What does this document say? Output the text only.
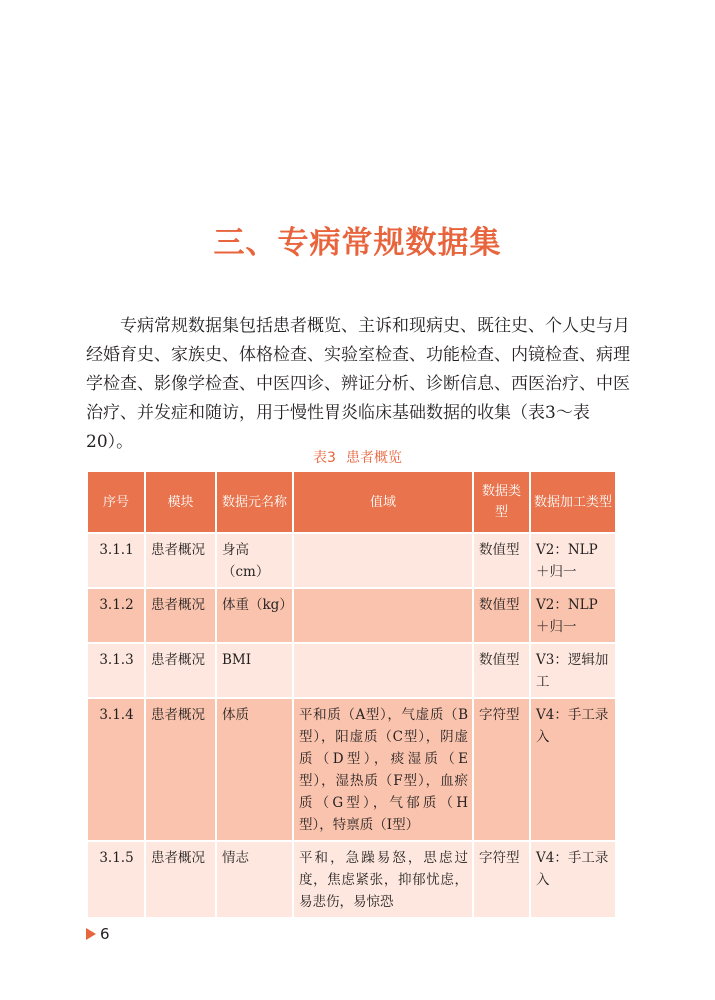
三、专病常规数据集

专病常规数据集包括患者概览、主诉和现病史、既往史、个人史与月经婚育史、家族史、体格检查、实验室检查、功能检查、内镜检查、病理学检查、影像学检查、中医四诊、辨证分析、诊断信息、西医治疗、中医治疗、并发症和随访，用于慢性胃炎临床基础数据的收集（表3～表20）。

表3 患者概览
序号	模块	数据元名称	值域	数据类型	数据加工类型
3.1.1	患者概况	身高（cm）		数值型	V2：NLP＋归一
3.1.2	患者概况	体重（kg）		数值型	V2：NLP＋归一
3.1.3	患者概况	BMI		数值型	V3：逻辑加工
3.1.4	患者概况	体质	平和质（A型），气虚质（B型），阳虚质（C型），阴虚质（D型），痰湿质（E型），湿热质（F型），血瘀质（G型），气郁质（H型），特禀质（I型）	字符型	V4：手工录入
3.1.5	患者概况	情志	平和，急躁易怒，思虑过度，焦虑紧张，抑郁忧虑，易悲伤，易惊恐	字符型	V4：手工录入
6
